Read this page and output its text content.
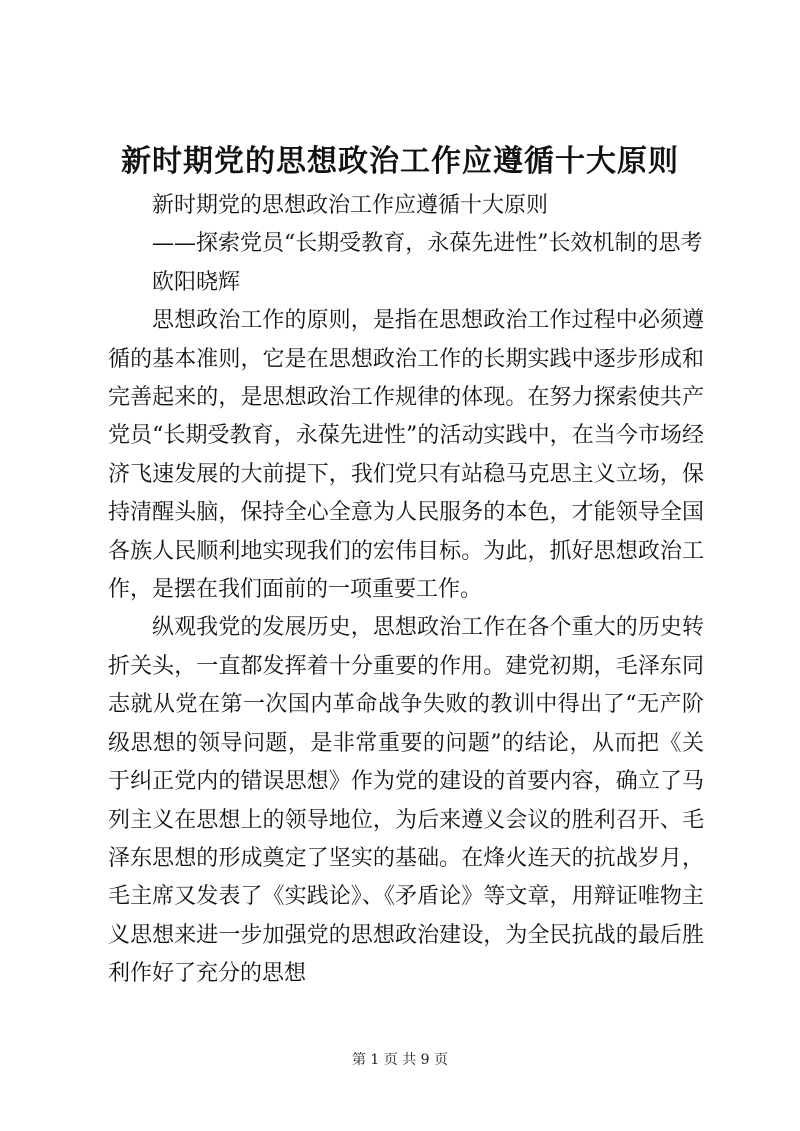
新时期党的思想政治工作应遵循十大原则

新时期党的思想政治工作应遵循十大原则

——探索党员“长期受教育，永葆先进性”长效机制的思考

欧阳晓辉

思想政治工作的原则，是指在思想政治工作过程中必须遵循的基本准则，它是在思想政治工作的长期实践中逐步形成和完善起来的，是思想政治工作规律的体现。在努力探索使共产党员“长期受教育，永葆先进性”的活动实践中，在当今市场经济飞速发展的大前提下，我们党只有站稳马克思主义立场，保持清醒头脑，保持全心全意为人民服务的本色，才能领导全国各族人民顺利地实现我们的宏伟目标。为此，抓好思想政治工作，是摆在我们面前的一项重要工作。

纵观我党的发展历史，思想政治工作在各个重大的历史转折关头，一直都发挥着十分重要的作用。建党初期，毛泽东同志就从党在第一次国内革命战争失败的教训中得出了“无产阶级思想的领导问题，是非常重要的问题”的结论，从而把《关于纠正党内的错误思想》作为党的建设的首要内容，确立了马列主义在思想上的领导地位，为后来遵义会议的胜利召开、毛泽东思想的形成奠定了坚实的基础。在烽火连天的抗战岁月，毛主席又发表了《实践论》、《矛盾论》等文章，用辩证唯物主义思想来进一步加强党的思想政治建设，为全民抗战的最后胜利作好了充分的思想

第 1 页 共 9 页
